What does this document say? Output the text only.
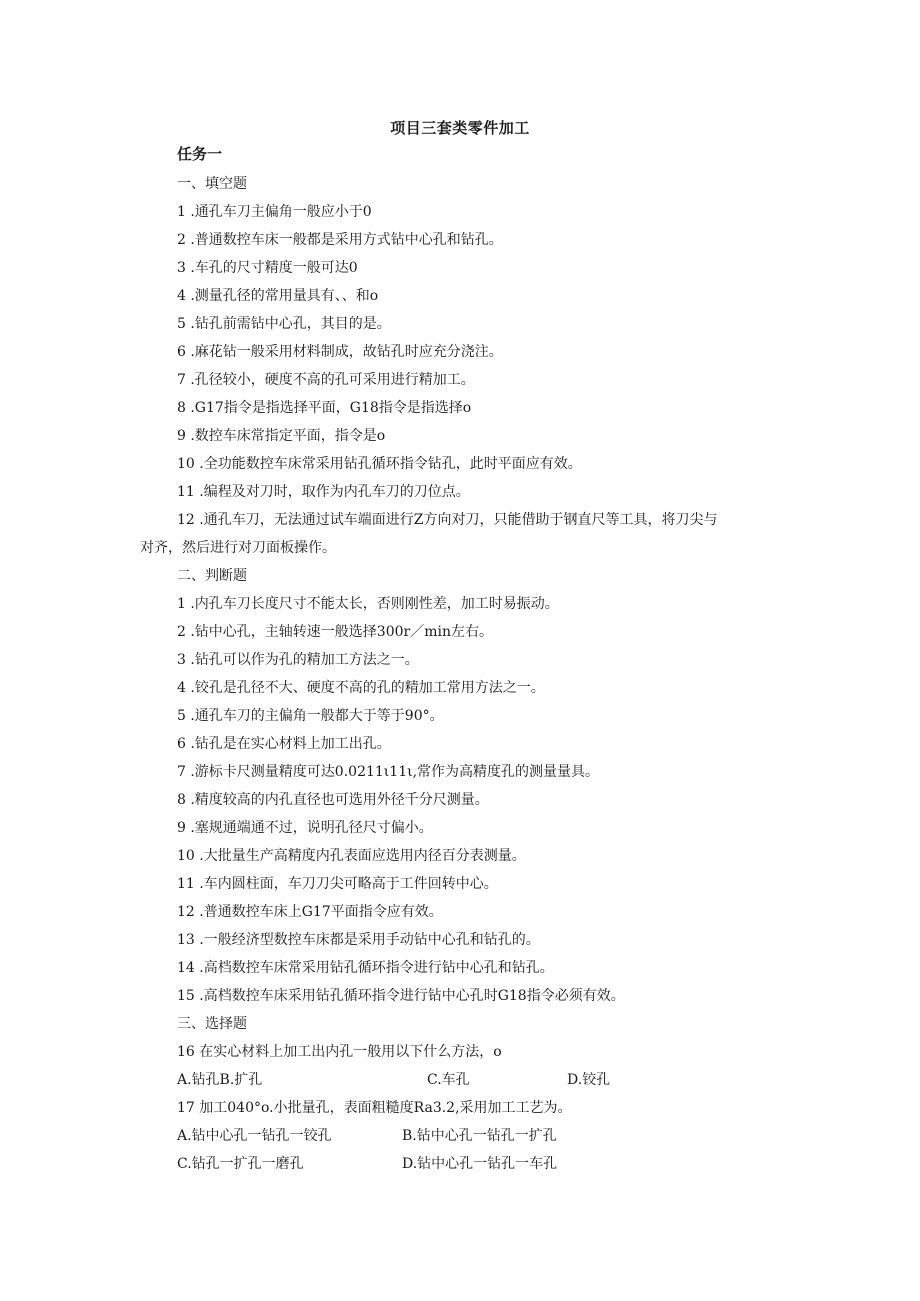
项目三套类零件加工
任务一
一、填空题
1 .通孔车刀主偏角一般应小于0
2 .普通数控车床一般都是采用方式钻中心孔和钻孔。
3 .车孔的尺寸精度一般可达0
4 .测量孔径的常用量具有、、和o
5 .钻孔前需钻中心孔，其目的是。
6 .麻花钻一般采用材料制成，故钻孔时应充分浇注。
7 .孔径较小，硬度不高的孔可采用进行精加工。
8 .G17指令是指选择平面，G18指令是指选择o
9 .数控车床常指定平面，指令是o
10 .全功能数控车床常采用钻孔循环指令钻孔，此时平面应有效。
11 .编程及对刀时，取作为内孔车刀的刀位点。
12 .通孔车刀，无法通过试车端面进行Z方向对刀，只能借助于钢直尺等工具，将刀尖与
对齐，然后进行对刀面板操作。
二、判断题
1 .内孔车刀长度尺寸不能太长，否则刚性差，加工时易振动。
2 .钻中心孔，主轴转速一般选择300r／min左右。
3 .钻孔可以作为孔的精加工方法之一。
4 .铰孔是孔径不大、硬度不高的孔的精加工常用方法之一。
5 .通孔车刀的主偏角一般都大于等于90°。
6 .钻孔是在实心材料上加工出孔。
7 .游标卡尺测量精度可达0.0211ι11ι,常作为高精度孔的测量量具。
8 .精度较高的内孔直径也可选用外径千分尺测量。
9 .塞规通端通不过，说明孔径尺寸偏小。
10 .大批量生产高精度内孔表面应选用内径百分表测量。
11 .车内圆柱面，车刀刀尖可略高于工件回转中心。
12 .普通数控车床上G17平面指令应有效。
13 .一般经济型数控车床都是采用手动钻中心孔和钻孔的。
14 .高档数控车床常采用钻孔循环指令进行钻中心孔和钻孔。
15 .高档数控车床采用钻孔循环指令进行钻中心孔时G18指令必须有效。
三、选择题
16 在实心材料上加工出内孔一般用以下什么方法，o
A.钻孔B.扩孔	C.车孔	D.铰孔
17 加工040°o.小批量孔，表面粗糙度Ra3.2,采用加工工艺为。
A.钻中心孔一钻孔一铰孔	B.钻中心孔一钻孔一扩孔
C.钻孔一扩孔一磨孔	D.钻中心孔一钻孔一车孔
